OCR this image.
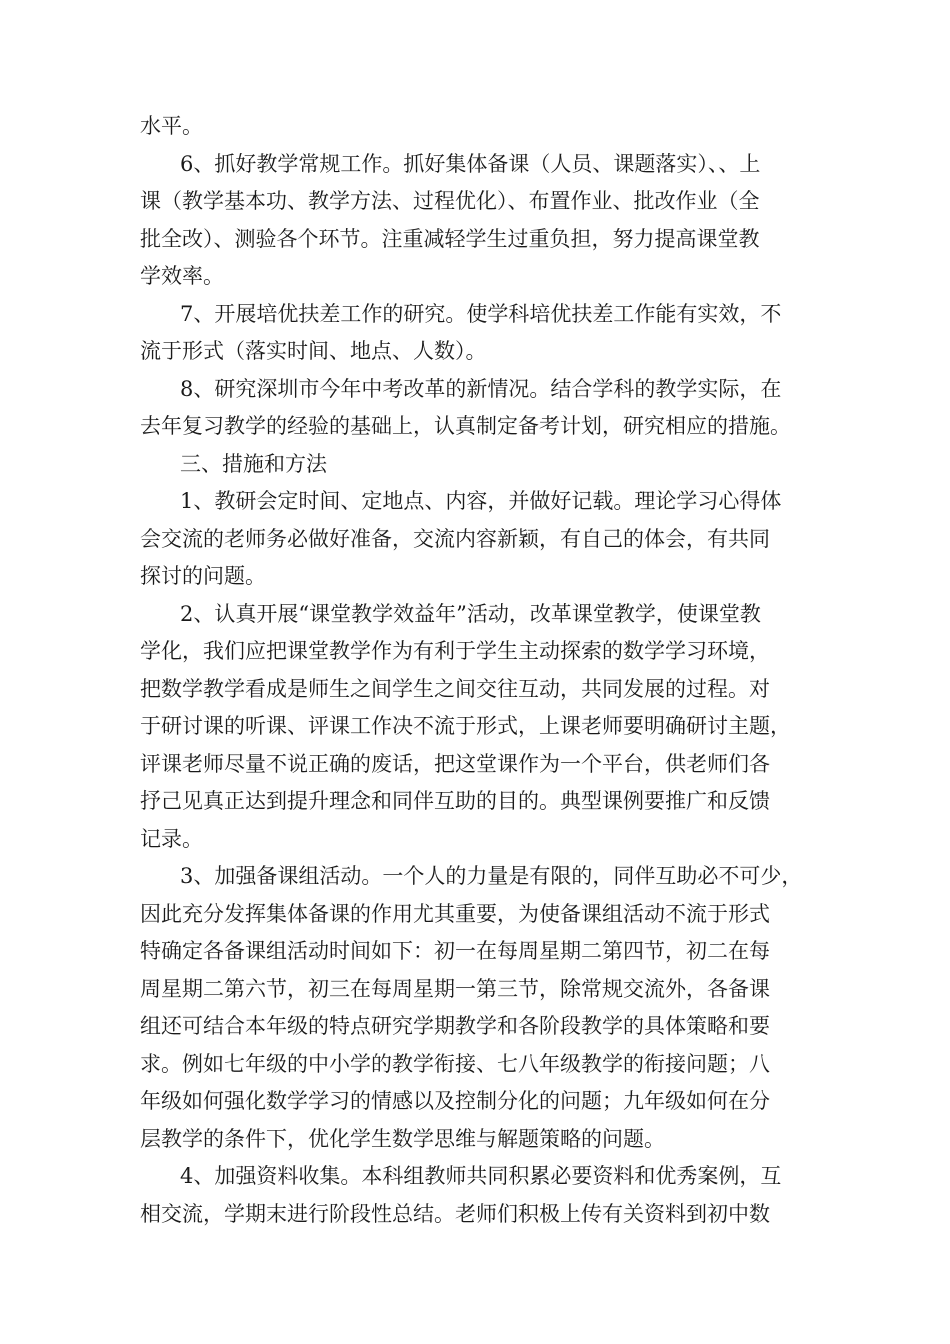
水平。
6、抓好教学常规工作。抓好集体备课（人员、课题落实）、、上
课（教学基本功、教学方法、过程优化）、布置作业、批改作业（全
批全改）、测验各个环节。注重减轻学生过重负担，努力提高课堂教
学效率。
7、开展培优扶差工作的研究。使学科培优扶差工作能有实效，不
流于形式（落实时间、地点、人数）。
8、研究深圳市今年中考改革的新情况。结合学科的教学实际，在
去年复习教学的经验的基础上，认真制定备考计划，研究相应的措施。
三、措施和方法
1、教研会定时间、定地点、内容，并做好记载。理论学习心得体
会交流的老师务必做好准备，交流内容新颖，有自己的体会，有共同
探讨的问题。
2、认真开展“课堂教学效益年”活动，改革课堂教学，使课堂教
学化，我们应把课堂教学作为有利于学生主动探索的数学学习环境，
把数学教学看成是师生之间学生之间交往互动，共同发展的过程。对
于研讨课的听课、评课工作决不流于形式，上课老师要明确研讨主题，
评课老师尽量不说正确的废话，把这堂课作为一个平台，供老师们各
抒己见真正达到提升理念和同伴互助的目的。典型课例要推广和反馈
记录。
3、加强备课组活动。一个人的力量是有限的，同伴互助必不可少，
因此充分发挥集体备课的作用尤其重要，为使备课组活动不流于形式
特确定各备课组活动时间如下：初一在每周星期二第四节，初二在每
周星期二第六节，初三在每周星期一第三节，除常规交流外，各备课
组还可结合本年级的特点研究学期教学和各阶段教学的具体策略和要
求。例如七年级的中小学的教学衔接、七八年级教学的衔接问题；八
年级如何强化数学学习的情感以及控制分化的问题；九年级如何在分
层教学的条件下，优化学生数学思维与解题策略的问题。
4、加强资料收集。本科组教师共同积累必要资料和优秀案例，互
相交流，学期末进行阶段性总结。老师们积极上传有关资料到初中数
